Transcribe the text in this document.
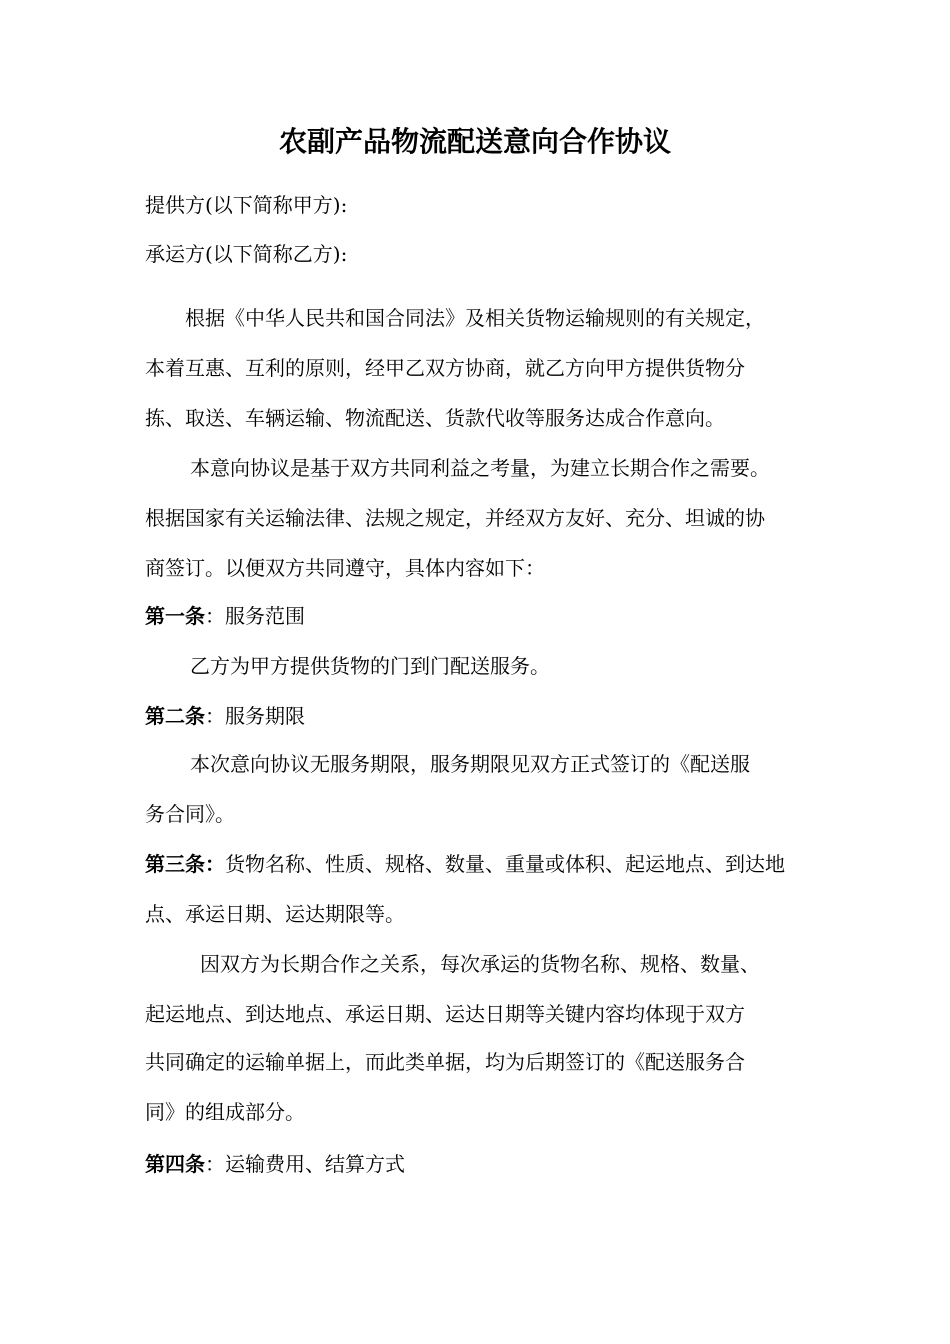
农副产品物流配送意向合作协议
提供方(以下简称甲方):
承运方(以下简称乙方):
根据《中华人民共和国合同法》及相关货物运输规则的有关规定，
本着互惠、互利的原则，经甲乙双方协商，就乙方向甲方提供货物分
拣、取送、车辆运输、物流配送、货款代收等服务达成合作意向。
本意向协议是基于双方共同利益之考量，为建立长期合作之需要。
根据国家有关运输法律、法规之规定，并经双方友好、充分、坦诚的协
商签订。以便双方共同遵守，具体内容如下：
第一条：服务范围
乙方为甲方提供货物的门到门配送服务。
第二条：服务期限
本次意向协议无服务期限，服务期限见双方正式签订的《配送服
务合同》。
第三条：货物名称、性质、规格、数量、重量或体积、起运地点、到达地
点、承运日期、运达期限等。
因双方为长期合作之关系，每次承运的货物名称、规格、数量、
起运地点、到达地点、承运日期、运达日期等关键内容均体现于双方
共同确定的运输单据上，而此类单据，均为后期签订的《配送服务合
同》的组成部分。
第四条：运输费用、结算方式
